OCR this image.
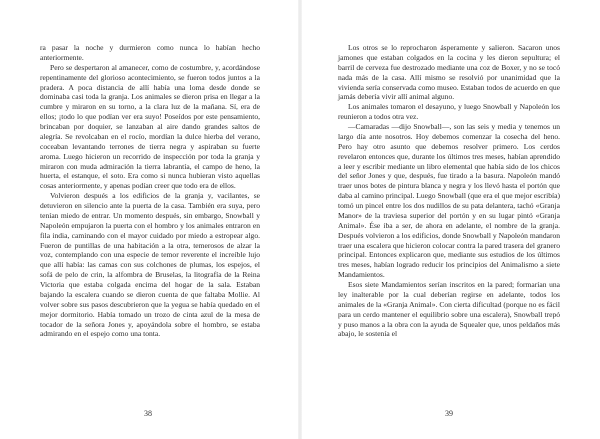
ra pasar la noche y durmieron como nunca lo habían hecho anteriormente.

Pero se despertaron al amanecer, como de costumbre, y, acordándose repentinamente del glorioso acontecimiento, se fueron todos juntos a la pradera. A poca distancia de allí había una loma desde donde se dominaba casi toda la granja. Los animales se dieron prisa en llegar a la cumbre y miraron en su torno, a la clara luz de la mañana. Sí, era de ellos; ¡todo lo que podían ver era suyo! Poseídos por este pensamiento, brincaban por doquier, se lanzaban al aire dando grandes saltos de alegría. Se revolcaban en el rocío, mordían la dulce hierba del verano, coceaban levantando terrones de tierra negra y aspiraban su fuerte aroma. Luego hicieron un recorrido de inspección por toda la granja y miraron con muda admiración la tierra labrantía, el campo de heno, la huerta, el estanque, el soto. Era como si nunca hubieran visto aquellas cosas anteriormente, y apenas podían creer que todo era de ellos.

Volvieron después a los edificios de la granja y, vacilantes, se detuvieron en silencio ante la puerta de la casa. También era suya, pero tenían miedo de entrar. Un momento después, sin embargo, Snowball y Napoleón empujaron la puerta con el hombro y los animales entraron en fila india, caminando con el mayor cuidado por miedo a estropear algo. Fueron de puntillas de una habitación a la otra, temerosos de alzar la voz, contemplando con una especie de temor reverente el increíble lujo que allí había: las camas con sus colchones de plumas, los espejos, el sofá de pelo de crin, la alfombra de Bruselas, la litografía de la Reina Victoria que estaba colgada encima del hogar de la sala. Estaban bajando la escalera cuando se dieron cuenta de que faltaba Mollie. Al volver sobre sus pasos descubrieron que la yegua se había quedado en el mejor dormitorio. Había tomado un trozo de cinta azul de la mesa de tocador de la señora Jones y, apoyándola sobre el hombro, se estaba admirando en el espejo como una tonta.

38

Los otros se lo reprocharon ásperamente y salieron. Sacaron unos jamones que estaban colgados en la cocina y les dieron sepultura; el barril de cerveza fue destrozado mediante una coz de Boxer, y no se tocó nada más de la casa. Allí mismo se resolvió por unanimidad que la vivienda sería conservada como museo. Estaban todos de acuerdo en que jamás debería vivir allí animal alguno.

Los animales tomaron el desayuno, y luego Snowball y Napoleón los reunieron a todos otra vez.

—Camaradas —dijo Snowball—, son las seis y media y tenemos un largo día ante nosotros. Hoy debemos comenzar la cosecha del heno. Pero hay otro asunto que debemos resolver primero. Los cerdos revelaron entonces que, durante los últimos tres meses, habían aprendido a leer y escribir mediante un libro elemental que había sido de los chicos del señor Jones y que, después, fue tirado a la basura. Napoleón mandó traer unos botes de pintura blanca y negra y los llevó hasta el portón que daba al camino principal. Luego Snowball (que era el que mejor escribía) tomó un pincel entre los dos nudillos de su pata delantera, tachó «Granja Manor» de la traviesa superior del portón y en su lugar pintó «Granja Animal». Ése iba a ser, de ahora en adelante, el nombre de la granja. Después volvieron a los edificios, donde Snowball y Napoleón mandaron traer una escalera que hicieron colocar contra la pared trasera del granero principal. Entonces explicaron que, mediante sus estudios de los últimos tres meses, habían logrado reducir los principios del Animalismo a siete Mandamientos.

Esos siete Mandamientos serían inscritos en la pared; formarían una ley inalterable por la cual deberían regirse en adelante, todos los animales de la «Granja Animal». Con cierta dificultad (porque no es fácil para un cerdo mantener el equilibrio sobre una escalera), Snowball trepó y puso manos a la obra con la ayuda de Squealer que, unos peldaños más abajo, le sostenía el

39
